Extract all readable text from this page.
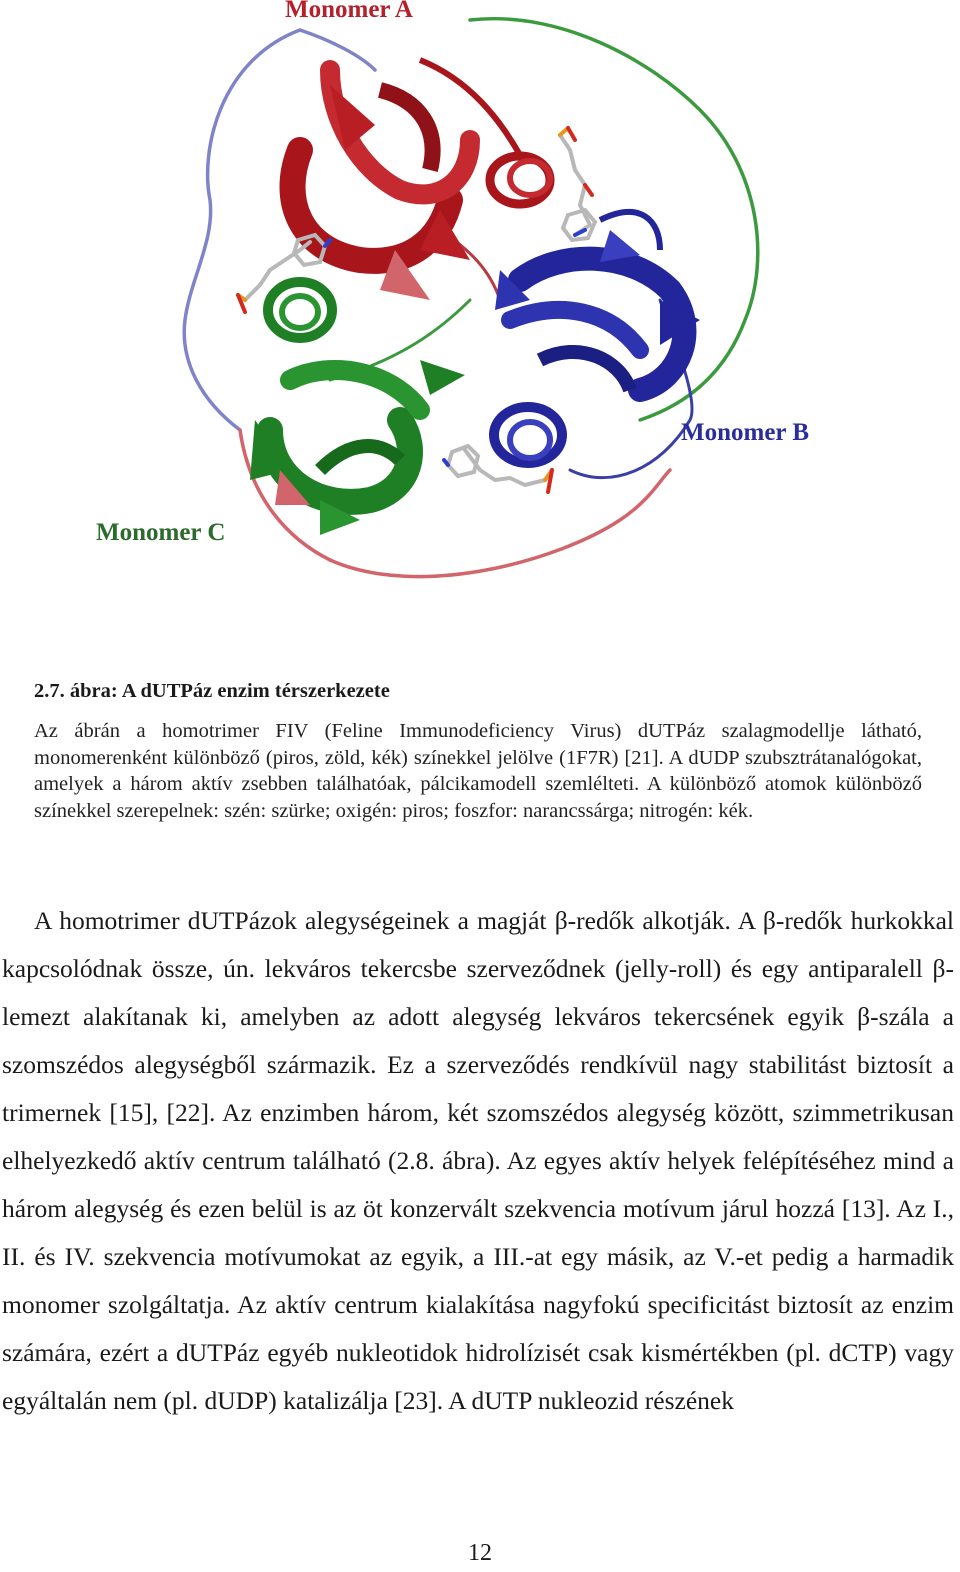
Monomer A
Monomer B
Monomer C
2.7. ábra: A dUTPáz enzim térszerkezete
Az ábrán a homotrimer FIV (Feline Immunodeficiency Virus) dUTPáz szalagmodellje látható, monomerenként különböző (piros, zöld, kék) színekkel jelölve (1F7R) [21]. A dUDP szubsztrátanalógokat, amelyek a három aktív zsebben találhatóak, pálcikamodell szemlélteti. A különböző atomok különböző színekkel szerepelnek: szén: szürke; oxigén: piros; foszfor: narancssárga; nitrogén: kék.
A homotrimer dUTPázok alegységeinek a magját β-redők alkotják. A β-redők hurkokkal kapcsolódnak össze, ún. lekváros tekercsbe szerveződnek (jelly-roll) és egy antiparalell β-lemezt alakítanak ki, amelyben az adott alegység lekváros tekercsének egyik β-szála a szomszédos alegységből származik. Ez a szerveződés rendkívül nagy stabilitást biztosít a trimernek [15], [22]. Az enzimben három, két szomszédos alegység között, szimmetrikusan elhelyezkedő aktív centrum található (2.8. ábra). Az egyes aktív helyek felépítéséhez mind a három alegység és ezen belül is az öt konzervált szekvencia motívum járul hozzá [13]. Az I., II. és IV. szekvencia motívumokat az egyik, a III.-at egy másik, az V.-et pedig a harmadik monomer szolgáltatja. Az aktív centrum kialakítása nagyfokú specificitást biztosít az enzim számára, ezért a dUTPáz egyéb nukleotidok hidrolízisét csak kismértékben (pl. dCTP) vagy egyáltalán nem (pl. dUDP) katalizálja [23]. A dUTP nukleozid részének
12
